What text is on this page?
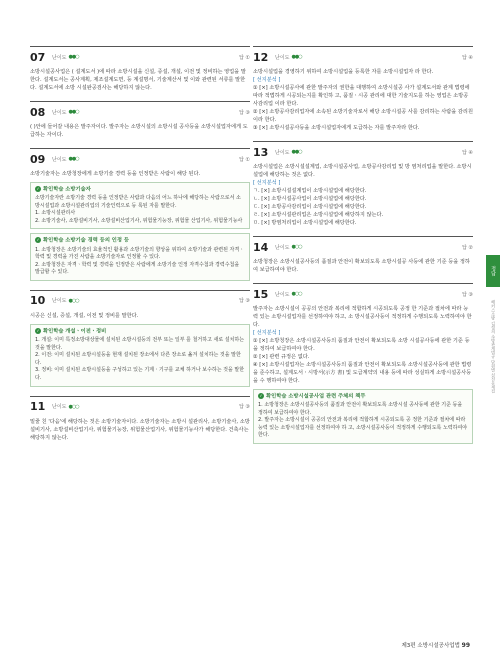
07	난이도 ●●○	답 ①
소방시설공사업은 ( 설계도서 )에 따라 소방시설을 신설, 증설, 개설, 이전 및 정비하는 영업을 말한다. 설계도서는 공사계획, 제조설계도면, 등 계설명서, 기술계산서 및 이와 관련된 서류를 말한다. 설계도서에 소방 시설완공검사는 해당하지 않는다.
08	난이도 ●●○	답 ③
( )안에 들어갈 내용은 발주자이다. 발주자는 소방시설의 소방시설 공사등을 소방시설업자에게 도급하는 자이다.
09	난이도 ●●○	답 ①
소방기술자는 소방청장에게 소방기술 경력 등을 인정받은 사람이 해당 된다.
✓ 확인학습 소방기술자
소방기술자란 소방기술 경력 등을 인정받은 사람과 다음의 어느 하나에 해당하는 사람으로서 소방시설업과 소방시설관리업의 기술인력으로 등 록된 자를 말한다.
1. 소방시설관리사
2. 소방기술사, 소방설비기사, 소방설비산업기사, 위험물기능장, 위험물 산업기사, 위험물기능사
✓ 확인학습 소방기술 경력 등의 인정 등
1. 소방청장은 소방기술의 효율적인 활용과 소방기술의 향상을 위하여 소방기술과 관련된 자격ㆍ학력 및 경력을 가진 사람을 소방기술자로 인정할 수 있다.
2. 소방청장은 자격ㆍ학력 및 경력을 인정받은 사람에게 소방기술 인정 자격수첩과 경력수첩을 발급할 수 있다.
10	난이도 ●○○	답 ③
시공은 신설, 증설, 개설, 이전 및 정비를 말한다.
✓ 확인학습 개설ㆍ이전ㆍ정비
1. 개설: 이미 특정소방대상물에 설치된 소방시설등의 전부 또는 일부 를 철거하고 새로 설치하는 것을 말한다.
2. 이전: 이미 설치된 소방시설등을 현재 설치된 장소에서 다른 장소로 옮겨 설치하는 것을 말한다.
3. 정비: 이미 설치된 소방시설등을 구성하고 있는 기계ㆍ기구를 교체 하거나 보수하는 것을 말한다.
11	난이도 ●○○	답 ③
밑줄 친 '다음'에 해당하는 것은 소방기술자이다. 소방기술자는 소방시 설관리사, 소방기술사, 소방설비기사, 소방설비산업기사, 위험물기능장, 위험물산업기사, 위험물기능사가 해당한다. 건축사는 해당하지 않는다.
12	난이도 ●●○	답 ④
소방시설업을 경영하기 위하여 소방시설업을 등록한 자를 소방시설업자 라 한다.
[ 선지분석 ]
① [×] 소방시설공사에 관한 발주자의 권한을 대행하여 소방시설공 사가 설계도서와 관계 법령에 따라 적법하게 시공되는지를 확인하 고, 품질ㆍ시공 관리에 대한 기술지도를 하는 영업은 소방공사감리업 이라 한다.
② [×] 소방공사감리업자에 소속된 소방기술자로서 해당 소방시설공 사를 감리하는 사람을 감리원이라 한다.
③ [×] 소방시설공사등을 소방시설업자에게 도급하는 자를 발주자라 한다.
13	난이도 ●●○	답 ④
소방시설업은 소방시설설계업, 소방시설공사업, 소방공사감리업 및 방 염처리업을 말한다. 소방시설업에 해당하는 것은 없다.
[ 선지분석 ]
ㄱ. [×] 소방시설설계업이 소방시설업에 해당한다.
ㄴ. [×] 소방시설공사업이 소방시설업에 해당한다.
ㄷ. [×] 소방공사감리업이 소방시설업에 해당한다.
ㄹ. [×] 소방시설관리업은 소방시설업에 해당하지 않는다.
ㅁ. [×] 방염처리업이 소방시설업에 해당한다.
14	난이도 ●○○	답 ②
소방청장은 소방시설공사등의 품질과 안전이 확보되도록 소방시설공 사등에 관한 기준 등을 정하여 보급하여야 한다.
15	난이도 ●○○	답 ③
발주자는 소방시설이 공공의 안전과 복리에 적합하게 시공되도록 공정 한 기준과 절차에 따라 능력 있는 소방시설업자를 선정하여야 하고, 소 방시설공사등이 적정하게 수행되도록 노력하여야 한다.
[ 선지분석 ]
① [×] 소방청장은 소방시설공사등의 품질과 안전이 확보되도록 소방 시설공사등에 관한 기준 등을 정하여 보급하여야 한다.
② [×] 관련 규정은 없다.
④ [×] 소방시설업자는 소방시설공사등의 품질과 안전이 확보되도록 소방시설공사등에 관한 법령을 준수하고, 설계도서ㆍ시방서(示方 書) 및 도급계약의 내용 등에 따라 성실하게 소방시설공사등을 수 행하여야 한다.
✓ 확인학습 소방시설공사업 관련 주체의 책무
1. 소방청장은 소방시설공사등의 품질과 안전이 확보되도록 소방시설 공사등에 관한 기준 등을 정하여 보급하여야 한다.
2. 발주자는 소방시설이 공공의 안전과 복리에 적합하게 시공되도록 공 정한 기준과 절차에 따라 능력 있는 소방시설업자를 선정하여야 하 고, 소방시설공사등이 적정하게 수행되도록 노력하여야 한다.
정답
해커스소방 김정희 소방관계법규 단원별 실전문제집
제3편 소방시설공사업법 99
